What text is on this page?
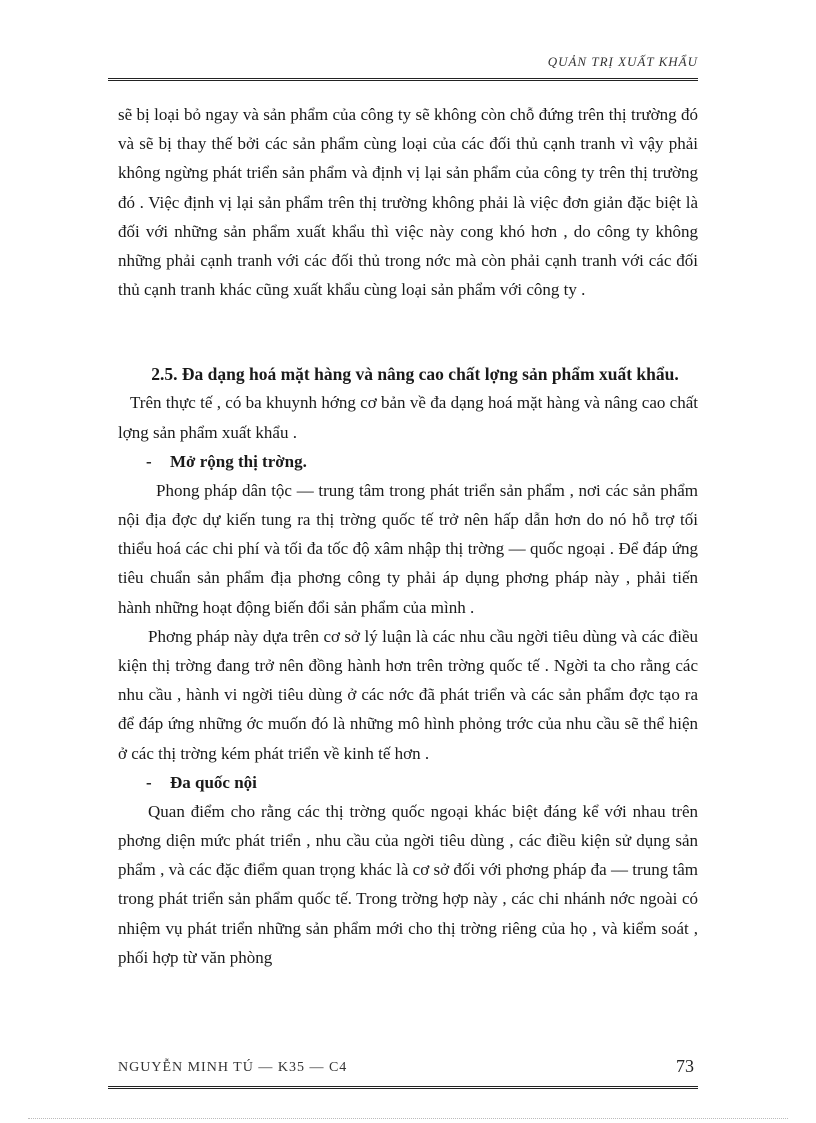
QUẢN TRỊ XUẤT KHẨU

sẽ bị loại bỏ ngay và sản phẩm của công ty sẽ không còn chỗ đứng trên thị trường đó và sẽ bị thay thế bởi các sản phẩm cùng loại của các đối thủ cạnh tranh vì vậy phải không ngừng phát triển sản phẩm và định vị lại sản phẩm của công ty trên thị trường đó . Việc định vị lại sản phẩm trên thị trường không phải là việc đơn giản đặc biệt là đối với những sản phẩm xuất khẩu thì việc này cong khó hơn , do công ty không những phải cạnh tranh với các đối thủ trong nớc mà còn phải cạnh tranh với các đối thủ cạnh tranh khác cũng xuất khẩu cùng loại sản phẩm với công ty .

2.5. Đa dạng hoá mặt hàng và nâng cao chất lợng sản phẩm xuất khẩu.

Trên thực tế , có ba khuynh hớng cơ bản về đa dạng hoá mặt hàng và nâng cao chất lợng sản phẩm xuất khẩu .

- Mở rộng thị trờng.

Phong pháp dân tộc — trung tâm trong phát triển sản phẩm , nơi các sản phẩm nội địa đợc dự kiến tung ra thị trờng quốc tế trở nên hấp dẫn hơn do nó hỗ trợ tối thiểu hoá các chi phí và tối đa tốc độ xâm nhập thị trờng — quốc ngoại . Để đáp ứng tiêu chuẩn sản phẩm địa phơng công ty phải áp dụng phơng pháp này , phải tiến hành những hoạt động biến đổi sản phẩm của mình .

Phơng pháp này dựa trên cơ sở lý luận là các nhu cầu ngời tiêu dùng và các điều kiện thị trờng đang trở nên đồng hành hơn trên trờng quốc tế . Ngời ta cho rằng các nhu cầu , hành vi ngời tiêu dùng ở các nớc đã phát triển và các sản phẩm đợc tạo ra để đáp ứng những ớc muốn đó là những mô hình phỏng trớc của nhu cầu sẽ thể hiện ở các thị trờng kém phát triển về kinh tế hơn .

- Đa quốc nội

Quan điểm cho rằng các thị trờng quốc ngoại khác biệt đáng kể với nhau trên phơng diện mức phát triển , nhu cầu của ngời tiêu dùng , các điều kiện sử dụng sản phẩm , và các đặc điểm quan trọng khác là cơ sở đối với phơng pháp đa — trung tâm trong phát triển sản phẩm quốc tế. Trong trờng hợp này , các chi nhánh nớc ngoài có nhiệm vụ phát triển những sản phẩm mới cho thị trờng riêng của họ , và kiểm soát , phối hợp từ văn phòng

NGUYỄN MINH TÚ — K35 — C4	73
